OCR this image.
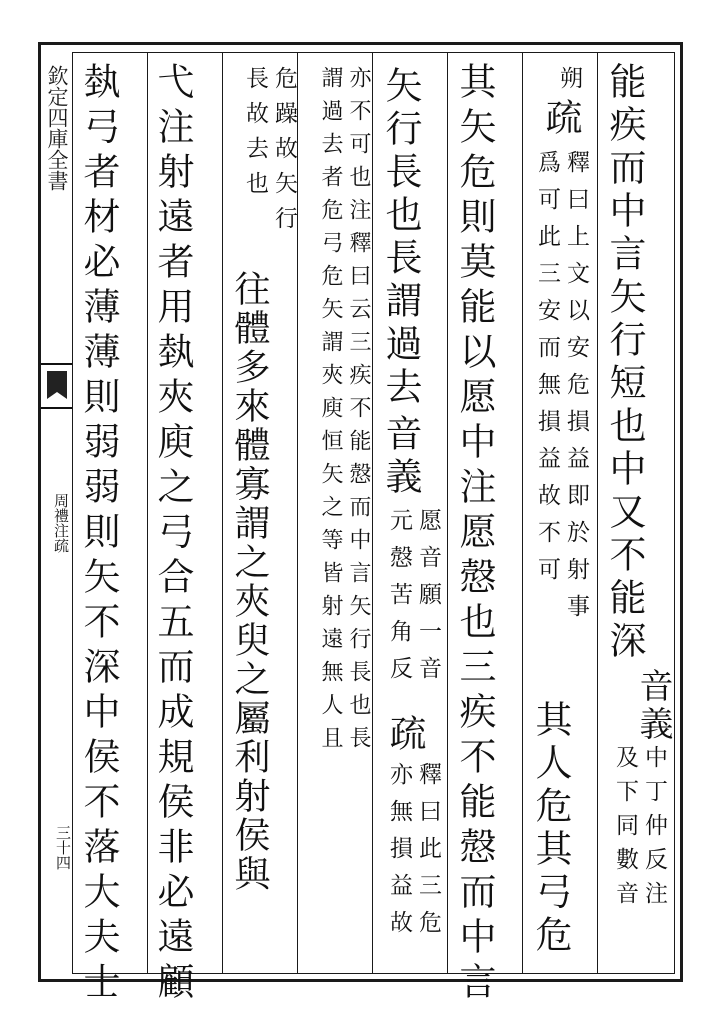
欽定四庫全書
周禮注疏
三十四
能疾而中言矢行短也中又不能深
音義
中丁仲反注
及下同數音
朔
疏
釋曰上文以安危損益即於射事
爲可此三安而無損益故不可
其人危其弓危
其矢危則莫能以愿中注愿慤也三疾不能慤而中言
矢行長也長謂過去
音義
愿音願一音
元慤苦角反
疏
釋曰此三危
亦無損益故
亦不可也注釋曰云三疾不能慤而中言矢行長也長
謂過去者危弓危矢謂夾庾恒矢之等皆射遠無人且
危躁故矢行
長故去也
往體多來體寡謂之夾臾之屬利射侯與
弋注射遠者用埶夾庾之弓合五而成規侯非必遠顧
埶弓者材必薄薄則弱弱則矢不深中侯不落大夫士
